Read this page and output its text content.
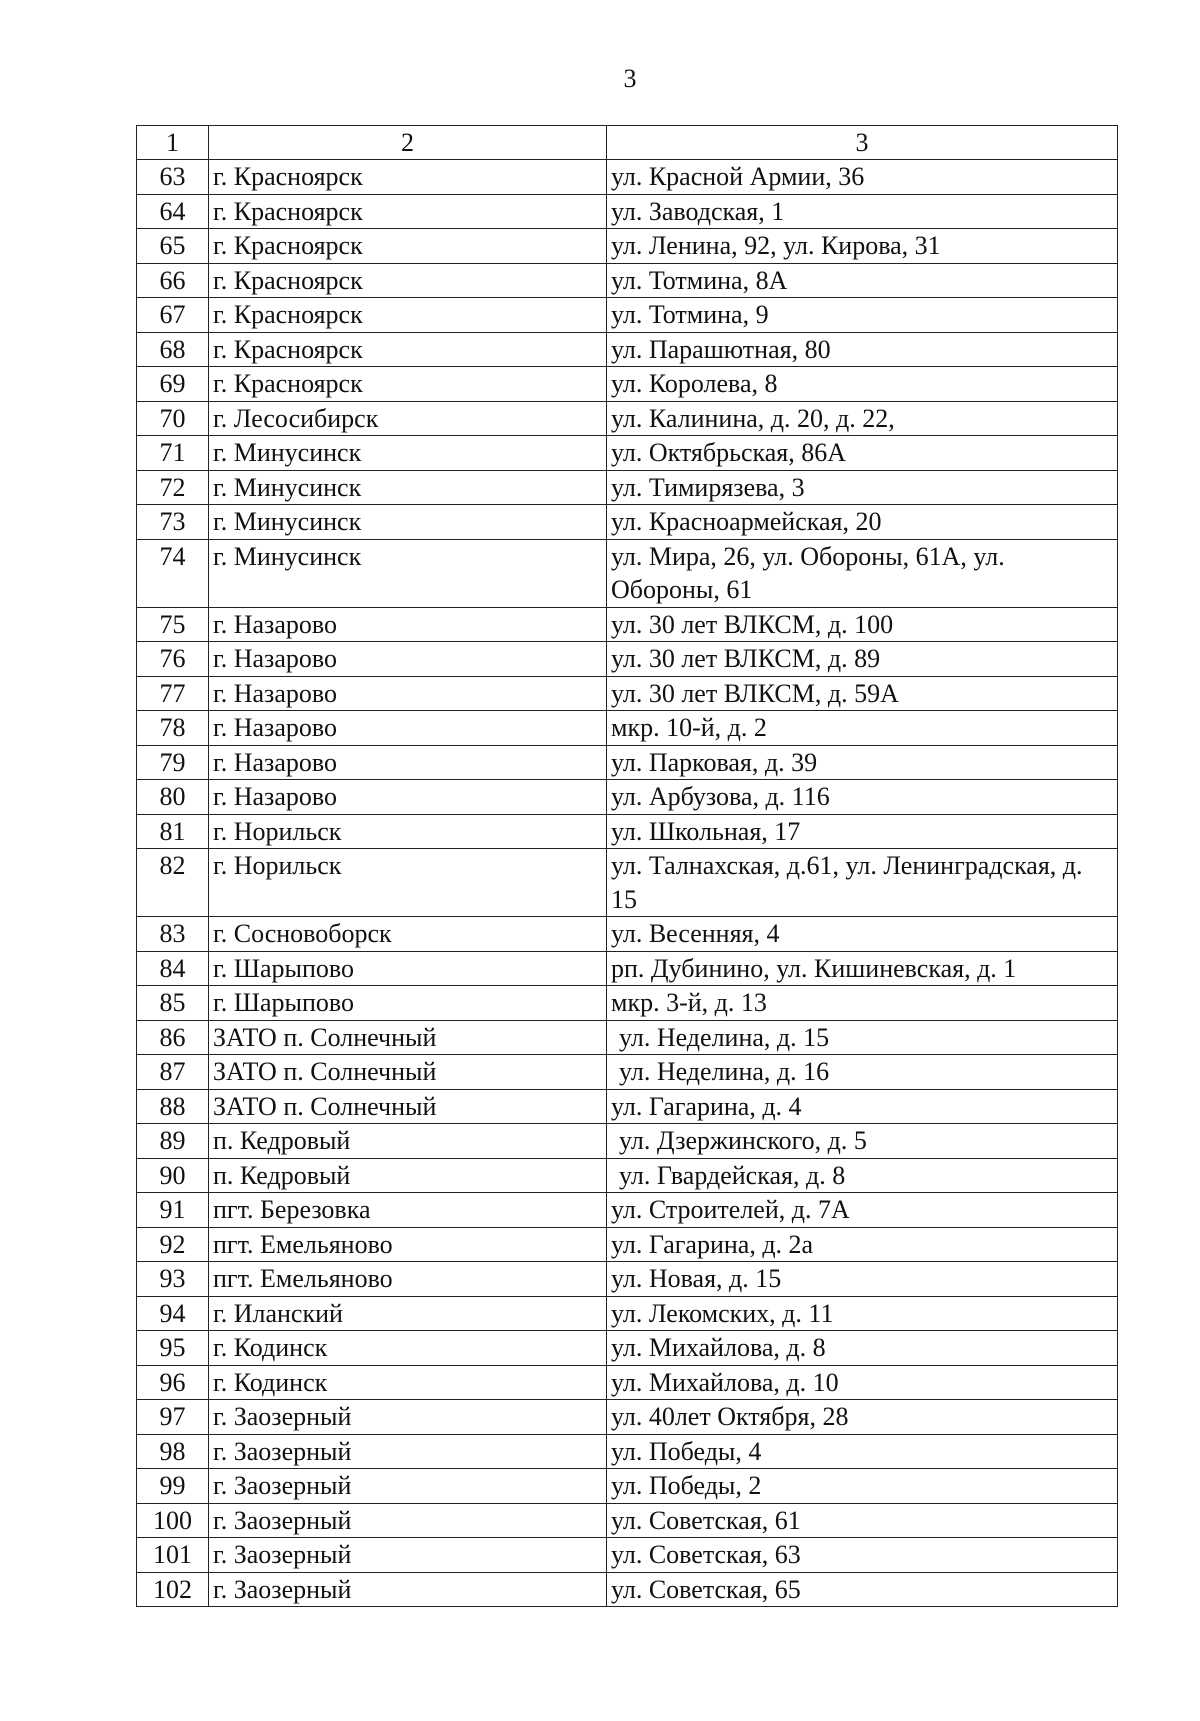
3
1	2	3
63	г. Красноярск	ул. Красной Армии, 36
64	г. Красноярск	ул. Заводская, 1
65	г. Красноярск	ул. Ленина, 92, ул. Кирова, 31
66	г. Красноярск	ул. Тотмина, 8А
67	г. Красноярск	ул. Тотмина, 9
68	г. Красноярск	ул. Парашютная, 80
69	г. Красноярск	ул. Королева, 8
70	г. Лесосибирск	ул. Калинина, д. 20, д. 22,
71	г. Минусинск	ул. Октябрьская, 86А
72	г. Минусинск	ул. Тимирязева, 3
73	г. Минусинск	ул. Красноармейская, 20
74	г. Минусинск	ул. Мира, 26, ул. Обороны, 61А, ул. Обороны, 61
75	г. Назарово	ул. 30 лет ВЛКСМ, д. 100
76	г. Назарово	ул. 30 лет ВЛКСМ, д. 89
77	г. Назарово	ул. 30 лет ВЛКСМ, д. 59А
78	г. Назарово	мкр. 10-й, д. 2
79	г. Назарово	ул. Парковая, д. 39
80	г. Назарово	ул. Арбузова, д. 116
81	г. Норильск	ул. Школьная, 17
82	г. Норильск	ул. Талнахская, д.61, ул. Ленинградская, д. 15
83	г. Сосновоборск	ул. Весенняя, 4
84	г. Шарыпово	рп. Дубинино, ул. Кишиневская, д. 1
85	г. Шарыпово	мкр. 3-й, д. 13
86	ЗАТО п. Солнечный	ул. Неделина, д. 15
87	ЗАТО п. Солнечный	ул. Неделина, д. 16
88	ЗАТО п. Солнечный	ул. Гагарина, д. 4
89	п. Кедровый	ул. Дзержинского, д. 5
90	п. Кедровый	ул. Гвардейская, д. 8
91	пгт. Березовка	ул. Строителей, д. 7А
92	пгт. Емельяново	ул. Гагарина, д. 2а
93	пгт. Емельяново	ул. Новая, д. 15
94	г. Иланский	ул. Лекомских, д. 11
95	г. Кодинск	ул. Михайлова, д. 8
96	г. Кодинск	ул. Михайлова, д. 10
97	г. Заозерный	ул. 40лет Октября, 28
98	г. Заозерный	ул. Победы, 4
99	г. Заозерный	ул. Победы, 2
100	г. Заозерный	ул. Советская, 61
101	г. Заозерный	ул. Советская, 63
102	г. Заозерный	ул. Советская, 65
